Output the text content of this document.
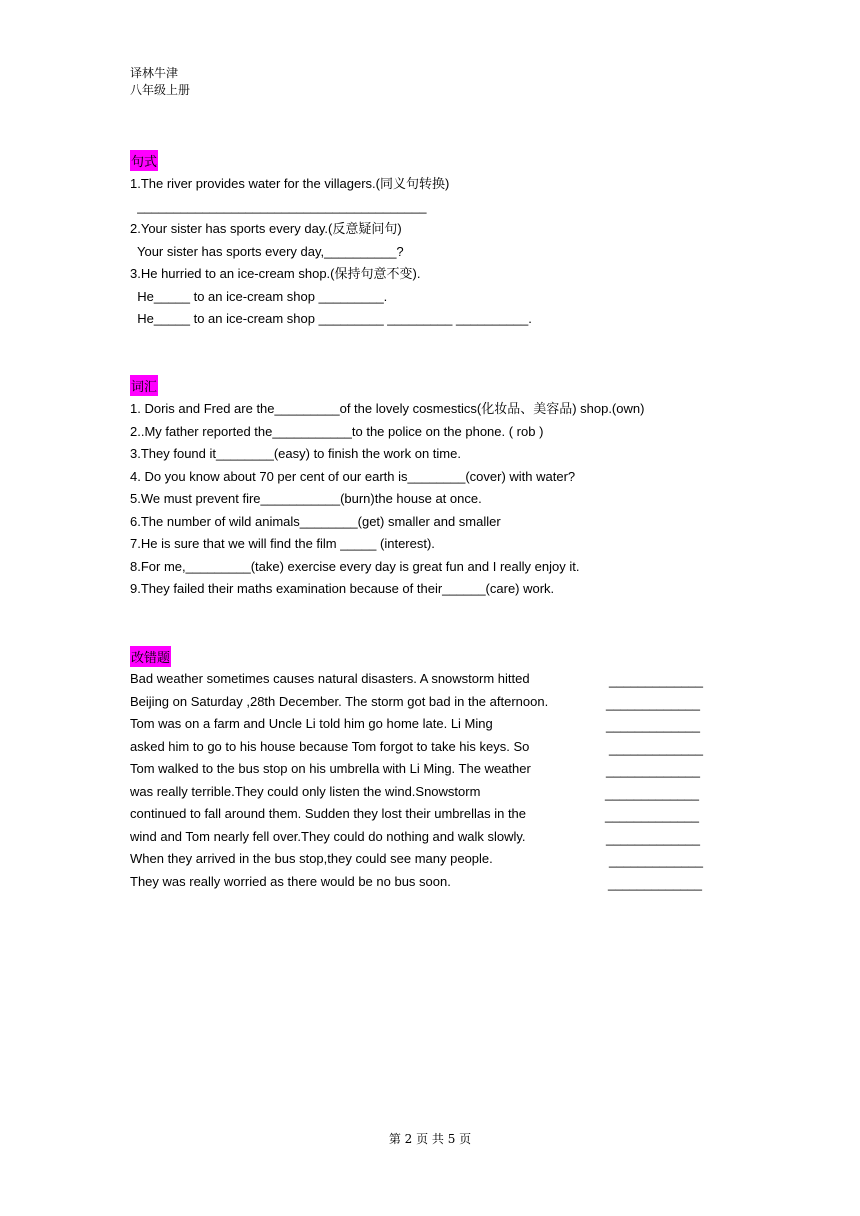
译林牛津
八年级上册
句式
1.The river provides water for the villagers.(同义句转换)
________________________________________
2.Your sister has sports every day.(反意疑问句)
Your sister has sports every day,__________?
3.He hurried to an ice-cream shop.(保持句意不变).
He_____ to an ice-cream shop _________.
He_____ to an ice-cream shop _________ _________ __________.
词汇
1. Doris and Fred are the_________of the lovely cosmestics(化妆品、美容品) shop.(own)
2..My father reported the___________to the police on the phone. ( rob )
3.They found it________(easy) to finish the work on time.
4. Do you know about 70 per cent of our earth is________(cover) with water?
5.We must prevent fire___________(burn)the house at once.
6.The number of wild animals________(get) smaller and smaller
7.He is sure that we will find the film _____ (interest).
8.For me,_________(take) exercise every day is great fun and I really enjoy it.
9.They failed their maths examination because of their______(care) work.
改错题
Bad weather sometimes causes natural disasters. A snowstorm hitted
Beijing on Saturday ,28th December. The storm got bad in the afternoon.
Tom was on a farm and Uncle Li told him go home late. Li Ming
asked him to go to his house because Tom forgot to take his keys. So
Tom walked to the bus stop on his umbrella with Li Ming. The weather
was really terrible.They could only listen the wind.Snowstorm
continued to fall around them. Sudden they lost their umbrellas in the
wind and Tom nearly fell over.They could do nothing and walk slowly.
When they arrived in the bus stop,they could see many people.
They was really worried as there would be no bus soon.
_____________
_____________
_____________
_____________
_____________
_____________
_____________
_____________
_____________
_____________
第 2 页 共 5 页
